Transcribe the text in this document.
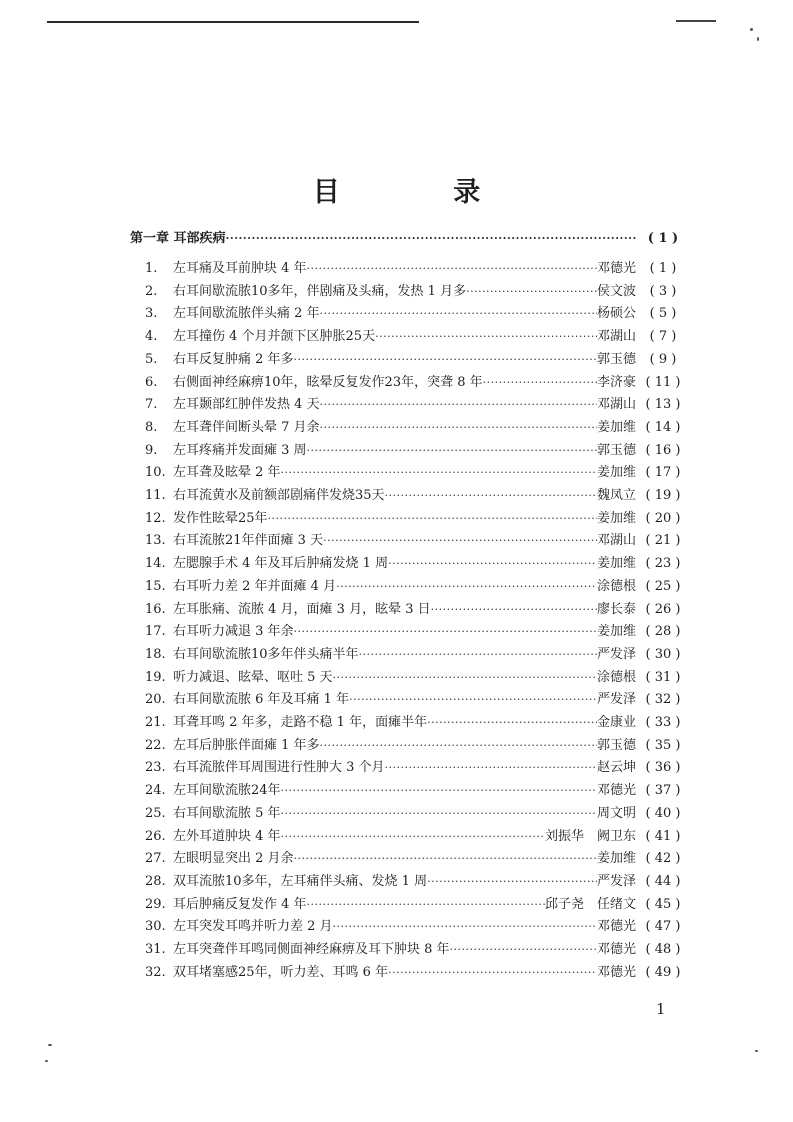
目 录
第一章 耳部疾病 ·····	( 1 )
1.	左耳痛及耳前肿块 4 年 ·····	邓德光	( 1 )
2.	右耳间歇流脓10多年，伴剧痛及头痛，发热 1 月多 ·····	侯文波	( 3 )
3.	左耳间歇流脓伴头痛 2 年 ·····	杨硕公	( 5 )
4.	左耳撞伤 4 个月并颌下区肿胀25天 ·····	邓湖山	( 7 )
5.	右耳反复肿痛 2 年多 ·····	郭玉德	( 9 )
6.	右侧面神经麻痹10年，眩晕反复发作23年，突聋 8 年 ·····	李济豪 ( 11 )
7.	左耳颞部红肿伴发热 4 天 ·····	邓湖山 ( 13 )
8.	左耳聋伴间断头晕 7 月余 ·····	姜加维 ( 14 )
9.	左耳疼痛并发面瘫 3 周 ·····	郭玉德 ( 16 )
10. 左耳聋及眩晕 2 年 ·····	姜加维 ( 17 )
11. 右耳流黄水及前额部剧痛伴发烧35天 ·····	魏凤立 ( 19 )
12. 发作性眩晕25年 ·····	姜加维 ( 20 )
13. 右耳流脓21年伴面瘫 3 天 ·····	邓湖山 ( 21 )
14. 左腮腺手术 4 年及耳后肿痛发烧 1 周 ·····	姜加维 ( 23 )
15. 右耳听力差 2 年并面瘫 4 月 ·····	涂德根 ( 25 )
16. 左耳胀痛、流脓 4 月，面瘫 3 月，眩晕 3 日 ·····	廖长泰 ( 26 )
17. 右耳听力减退 3 年余 ·····	姜加维 ( 28 )
18. 右耳间歇流脓10多年伴头痛半年 ·····	严发泽 ( 30 )
19. 听力减退、眩晕、呕吐 5 天 ·····	涂德根 ( 31 )
20. 右耳间歇流脓 6 年及耳痛 1 年 ·····	严发泽 ( 32 )
21. 耳聋耳鸣 2 年多，走路不稳 1 年，面瘫半年 ·····	金康业 ( 33 )
22. 左耳后肿胀伴面瘫 1 年多 ·····	郭玉德 ( 35 )
23. 右耳流脓伴耳周围进行性肿大 3 个月 ·····	赵云坤 ( 36 )
24. 左耳间歇流脓24年 ·····	邓德光 ( 37 )
25. 右耳间歇流脓 5 年 ·····	周文明 ( 40 )
26. 左外耳道肿块 4 年 ·····	刘振华　阙卫东 ( 41 )
27. 左眼明显突出 2 月余 ·····	姜加维 ( 42 )
28. 双耳流脓10多年，左耳痛伴头痛、发烧 1 周 ·····	严发泽 ( 44 )
29. 耳后肿痛反复发作 4 年 ·····	邱子尧　任绪文 ( 45 )
30. 左耳突发耳鸣并听力差 2 月 ·····	邓德光 ( 47 )
31. 左耳突聋伴耳鸣同侧面神经麻痹及耳下肿块 8 年 ·····	邓德光 ( 48 )
32. 双耳堵塞感25年，听力差、耳鸣 6 年 ·····	邓德光 ( 49 )
1
